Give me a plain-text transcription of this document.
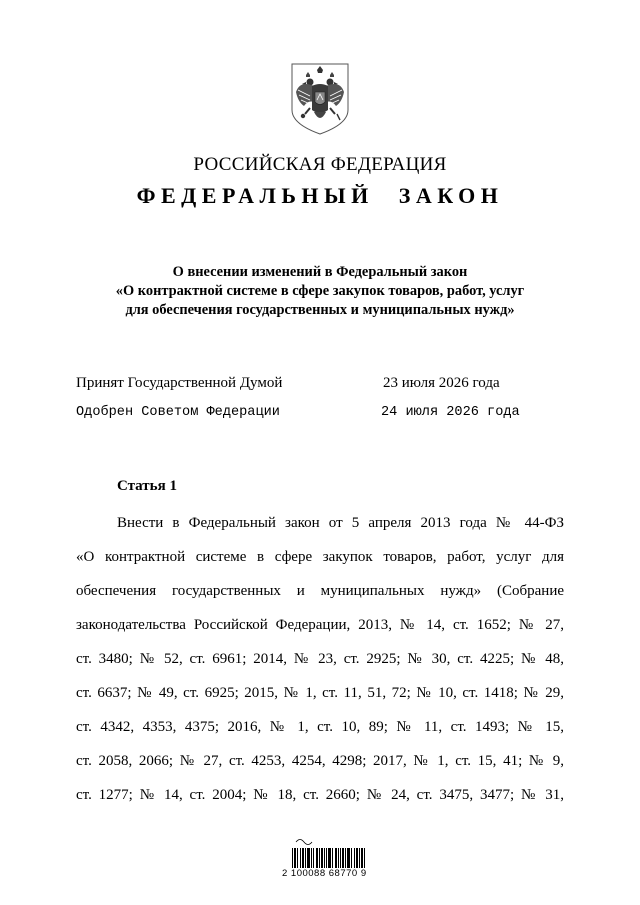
РОССИЙСКАЯ ФЕДЕРАЦИЯ
ФЕДЕРАЛЬНЫЙ ЗАКОН
О внесении изменений в Федеральный закон
«О контрактной системе в сфере закупок товаров, работ, услуг
для обеспечения государственных и муниципальных нужд»
Принят Государственной Думой	23 июля 2026 года
Одобрен Советом Федерации	24 июля 2026 года
Статья 1
Внести в Федеральный закон от 5 апреля 2013 года № 44-ФЗ
«О контрактной системе в сфере закупок товаров, работ, услуг для
обеспечения государственных и муниципальных нужд» (Собрание
законодательства Российской Федерации, 2013, № 14, ст. 1652; № 27,
ст. 3480; № 52, ст. 6961; 2014, № 23, ст. 2925; № 30, ст. 4225; № 48,
ст. 6637; № 49, ст. 6925; 2015, № 1, ст. 11, 51, 72; № 10, ст. 1418; № 29,
ст. 4342, 4353, 4375; 2016, № 1, ст. 10, 89; № 11, ст. 1493; № 15,
ст. 2058, 2066; № 27, ст. 4253, 4254, 4298; 2017, № 1, ст. 15, 41; № 9,
ст. 1277; № 14, ст. 2004; № 18, ст. 2660; № 24, ст. 3475, 3477; № 31,
2 100088 68770 9
